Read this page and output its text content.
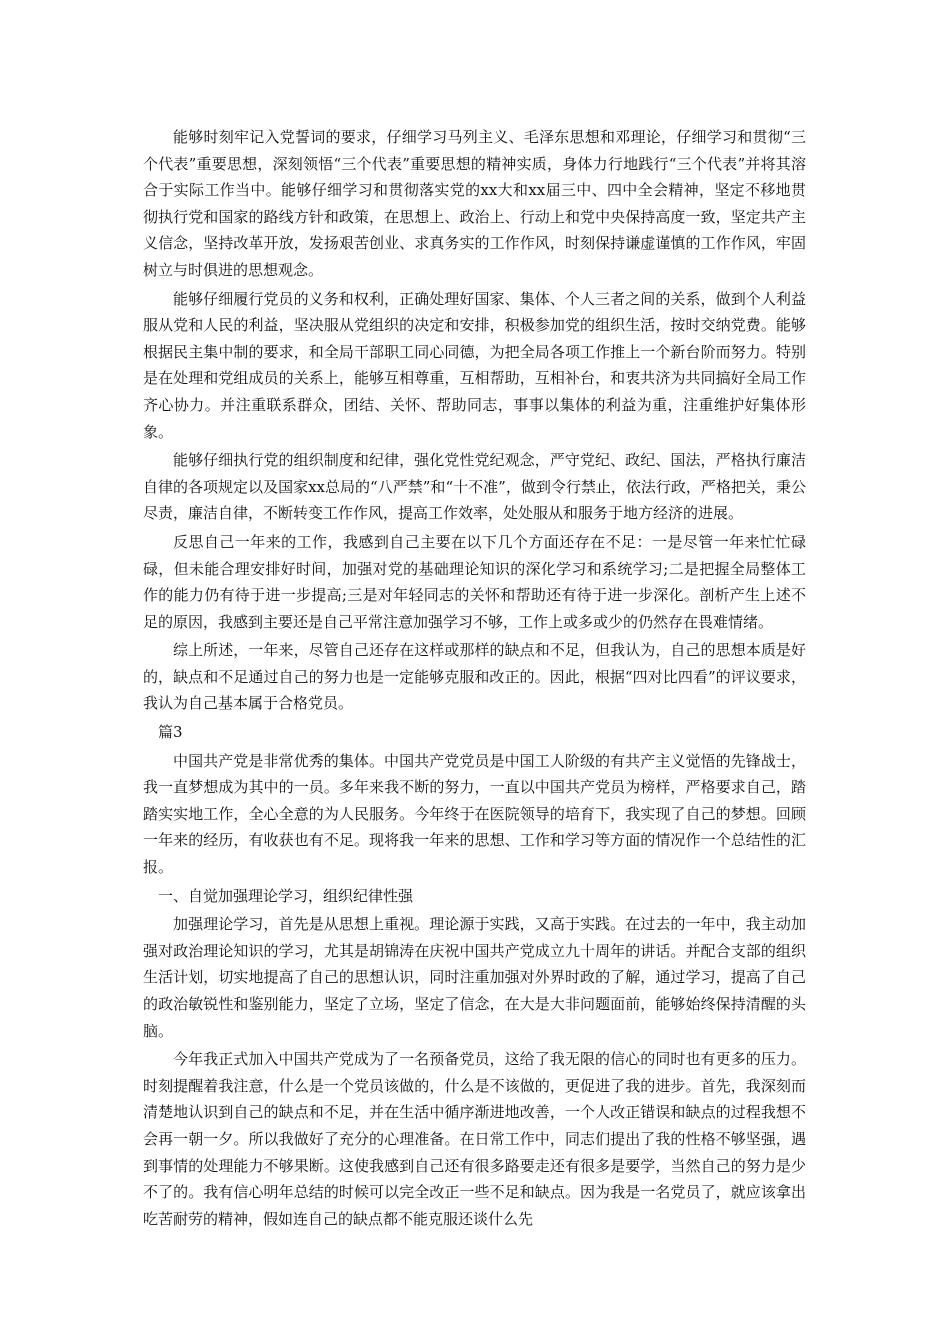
能够时刻牢记入党誓词的要求，仔细学习马列主义、毛泽东思想和邓理论，仔细学习和贯彻“三个代表”重要思想，深刻领悟“三个代表”重要思想的精神实质，身体力行地践行“三个代表”并将其溶合于实际工作当中。能够仔细学习和贯彻落实党的xx大和xx届三中、四中全会精神，坚定不移地贯彻执行党和国家的路线方针和政策，在思想上、政治上、行动上和党中央保持高度一致，坚定共产主义信念，坚持改革开放，发扬艰苦创业、求真务实的工作作风，时刻保持谦虚谨慎的工作作风，牢固树立与时俱进的思想观念。

能够仔细履行党员的义务和权利，正确处理好国家、集体、个人三者之间的关系，做到个人利益服从党和人民的利益，坚决服从党组织的决定和安排，积极参加党的组织生活，按时交纳党费。能够根据民主集中制的要求，和全局干部职工同心同德，为把全局各项工作推上一个新台阶而努力。特别是在处理和党组成员的关系上，能够互相尊重，互相帮助，互相补台，和衷共济为共同搞好全局工作齐心协力。并注重联系群众，团结、关怀、帮助同志，事事以集体的利益为重，注重维护好集体形象。

能够仔细执行党的组织制度和纪律，强化党性党纪观念，严守党纪、政纪、国法，严格执行廉洁自律的各项规定以及国家xx总局的“八严禁”和“十不准”，做到令行禁止，依法行政，严格把关，秉公尽责，廉洁自律，不断转变工作作风，提高工作效率，处处服从和服务于地方经济的进展。

反思自己一年来的工作，我感到自己主要在以下几个方面还存在不足：一是尽管一年来忙忙碌碌，但未能合理安排好时间，加强对党的基础理论知识的深化学习和系统学习;二是把握全局整体工作的能力仍有待于进一步提高;三是对年轻同志的关怀和帮助还有待于进一步深化。剖析产生上述不足的原因，我感到主要还是自己平常注意加强学习不够，工作上或多或少的仍然存在畏难情绪。

综上所述，一年来，尽管自己还存在这样或那样的缺点和不足，但我认为，自己的思想本质是好的，缺点和不足通过自己的努力也是一定能够克服和改正的。因此，根据“四对比四看”的评议要求，我认为自己基本属于合格党员。

篇3

中国共产党是非常优秀的集体。中国共产党党员是中国工人阶级的有共产主义觉悟的先锋战士，我一直梦想成为其中的一员。多年来我不断的努力，一直以中国共产党员为榜样，严格要求自己，踏踏实实地工作，全心全意的为人民服务。今年终于在医院领导的培育下，我实现了自己的梦想。回顾一年来的经历，有收获也有不足。现将我一年来的思想、工作和学习等方面的情况作一个总结性的汇报。

一、自觉加强理论学习，组织纪律性强

加强理论学习，首先是从思想上重视。理论源于实践，又高于实践。在过去的一年中，我主动加强对政治理论知识的学习，尤其是胡锦涛在庆祝中国共产党成立九十周年的讲话。并配合支部的组织生活计划，切实地提高了自己的思想认识，同时注重加强对外界时政的了解，通过学习，提高了自己的政治敏锐性和鉴别能力，坚定了立场，坚定了信念，在大是大非问题面前，能够始终保持清醒的头脑。

今年我正式加入中国共产党成为了一名预备党员，这给了我无限的信心的同时也有更多的压力。时刻提醒着我注意，什么是一个党员该做的，什么是不该做的，更促进了我的进步。首先，我深刻而清楚地认识到自己的缺点和不足，并在生活中循序渐进地改善，一个人改正错误和缺点的过程我想不会再一朝一夕。所以我做好了充分的心理准备。在日常工作中，同志们提出了我的性格不够坚强，遇到事情的处理能力不够果断。这使我感到自己还有很多路要走还有很多是要学，当然自己的努力是少不了的。我有信心明年总结的时候可以完全改正一些不足和缺点。因为我是一名党员了，就应该拿出吃苦耐劳的精神，假如连自己的缺点都不能克服还谈什么先
